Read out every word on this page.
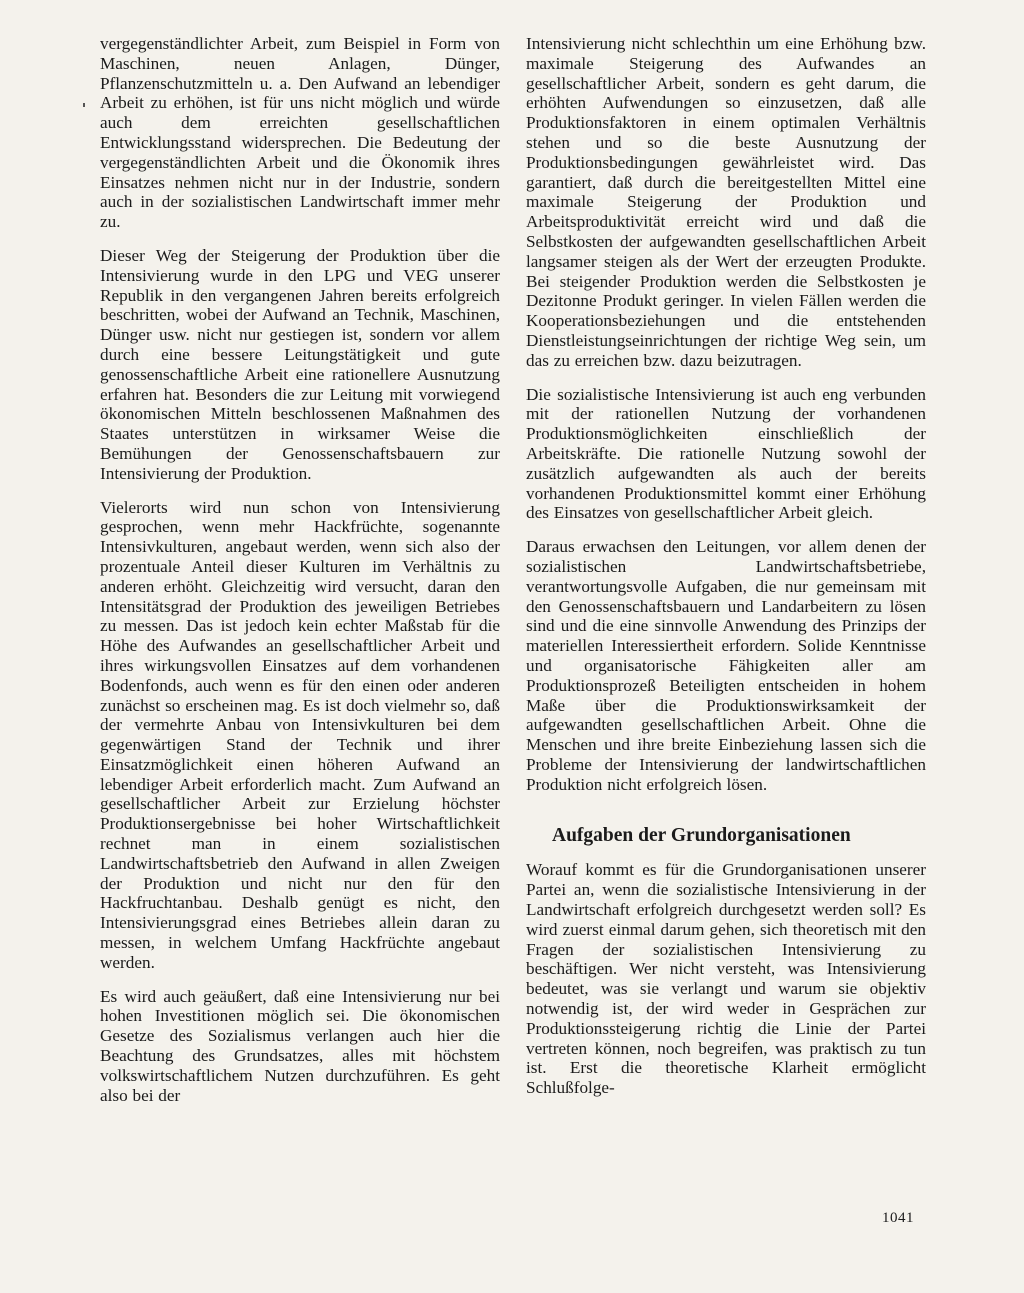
vergegenständlichter Arbeit, zum Beispiel in Form von Maschinen, neuen Anlagen, Dünger, Pflanzenschutzmitteln u. a. Den Aufwand an lebendiger Arbeit zu erhöhen, ist für uns nicht möglich und würde auch dem erreichten gesellschaftlichen Entwicklungsstand widersprechen. Die Bedeutung der vergegenständlichten Arbeit und die Ökonomik ihres Einsatzes nehmen nicht nur in der Industrie, sondern auch in der sozialistischen Landwirtschaft immer mehr zu.

Dieser Weg der Steigerung der Produktion über die Intensivierung wurde in den LPG und VEG unserer Republik in den vergangenen Jahren bereits erfolgreich beschritten, wobei der Aufwand an Technik, Maschinen, Dünger usw. nicht nur gestiegen ist, sondern vor allem durch eine bessere Leitungstätigkeit und gute genossenschaftliche Arbeit eine rationellere Ausnutzung erfahren hat. Besonders die zur Leitung mit vorwiegend ökonomischen Mitteln beschlossenen Maßnahmen des Staates unterstützen in wirksamer Weise die Bemühungen der Genossenschaftsbauern zur Intensivierung der Produktion.

Vielerorts wird nun schon von Intensivierung gesprochen, wenn mehr Hackfrüchte, sogenannte Intensivkulturen, angebaut werden, wenn sich also der prozentuale Anteil dieser Kulturen im Verhältnis zu anderen erhöht. Gleichzeitig wird versucht, daran den Intensitätsgrad der Produktion des jeweiligen Betriebes zu messen. Das ist jedoch kein echter Maßstab für die Höhe des Aufwandes an gesellschaftlicher Arbeit und ihres wirkungsvollen Einsatzes auf dem vorhandenen Bodenfonds, auch wenn es für den einen oder anderen zunächst so erscheinen mag. Es ist doch vielmehr so, daß der vermehrte Anbau von Intensivkulturen bei dem gegenwärtigen Stand der Technik und ihrer Einsatzmöglichkeit einen höheren Aufwand an lebendiger Arbeit erforderlich macht. Zum Aufwand an gesellschaftlicher Arbeit zur Erzielung höchster Produktionsergebnisse bei hoher Wirtschaftlichkeit rechnet man in einem sozialistischen Landwirtschaftsbetrieb den Aufwand in allen Zweigen der Produktion und nicht nur den für den Hackfruchtanbau. Deshalb genügt es nicht, den Intensivierungsgrad eines Betriebes allein daran zu messen, in welchem Umfang Hackfrüchte angebaut werden.

Es wird auch geäußert, daß eine Intensivierung nur bei hohen Investitionen möglich sei. Die ökonomischen Gesetze des Sozialismus verlangen auch hier die Beachtung des Grundsatzes, alles mit höchstem volkswirtschaftlichem Nutzen durchzuführen. Es geht also bei der

Intensivierung nicht schlechthin um eine Erhöhung bzw. maximale Steigerung des Aufwandes an gesellschaftlicher Arbeit, sondern es geht darum, die erhöhten Aufwendungen so einzusetzen, daß alle Produktionsfaktoren in einem optimalen Verhältnis stehen und so die beste Ausnutzung der Produktionsbedingungen gewährleistet wird. Das garantiert, daß durch die bereitgestellten Mittel eine maximale Steigerung der Produktion und Arbeitsproduktivität erreicht wird und daß die Selbstkosten der aufgewandten gesellschaftlichen Arbeit langsamer steigen als der Wert der erzeugten Produkte. Bei steigender Produktion werden die Selbstkosten je Dezitonne Produkt geringer. In vielen Fällen werden die Kooperationsbeziehungen und die entstehenden Dienstleistungseinrichtungen der richtige Weg sein, um das zu erreichen bzw. dazu beizutragen.

Die sozialistische Intensivierung ist auch eng verbunden mit der rationellen Nutzung der vorhandenen Produktionsmöglichkeiten einschließlich der Arbeitskräfte. Die rationelle Nutzung sowohl der zusätzlich aufgewandten als auch der bereits vorhandenen Produktionsmittel kommt einer Erhöhung des Einsatzes von gesellschaftlicher Arbeit gleich.

Daraus erwachsen den Leitungen, vor allem denen der sozialistischen Landwirtschaftsbetriebe, verantwortungsvolle Aufgaben, die nur gemeinsam mit den Genossenschaftsbauern und Landarbeitern zu lösen sind und die eine sinnvolle Anwendung des Prinzips der materiellen Interessiertheit erfordern. Solide Kenntnisse und organisatorische Fähigkeiten aller am Produktionsprozeß Beteiligten entscheiden in hohem Maße über die Produktionswirksamkeit der aufgewandten gesellschaftlichen Arbeit. Ohne die Menschen und ihre breite Einbeziehung lassen sich die Probleme der Intensivierung der landwirtschaftlichen Produktion nicht erfolgreich lösen.

Aufgaben der Grundorganisationen

Worauf kommt es für die Grundorganisationen unserer Partei an, wenn die sozialistische Intensivierung in der Landwirtschaft erfolgreich durchgesetzt werden soll? Es wird zuerst einmal darum gehen, sich theoretisch mit den Fragen der sozialistischen Intensivierung zu beschäftigen. Wer nicht versteht, was Intensivierung bedeutet, was sie verlangt und warum sie objektiv notwendig ist, der wird weder in Gesprächen zur Produktionssteigerung richtig die Linie der Partei vertreten können, noch begreifen, was praktisch zu tun ist. Erst die theoretische Klarheit ermöglicht Schlußfolge-

1041
